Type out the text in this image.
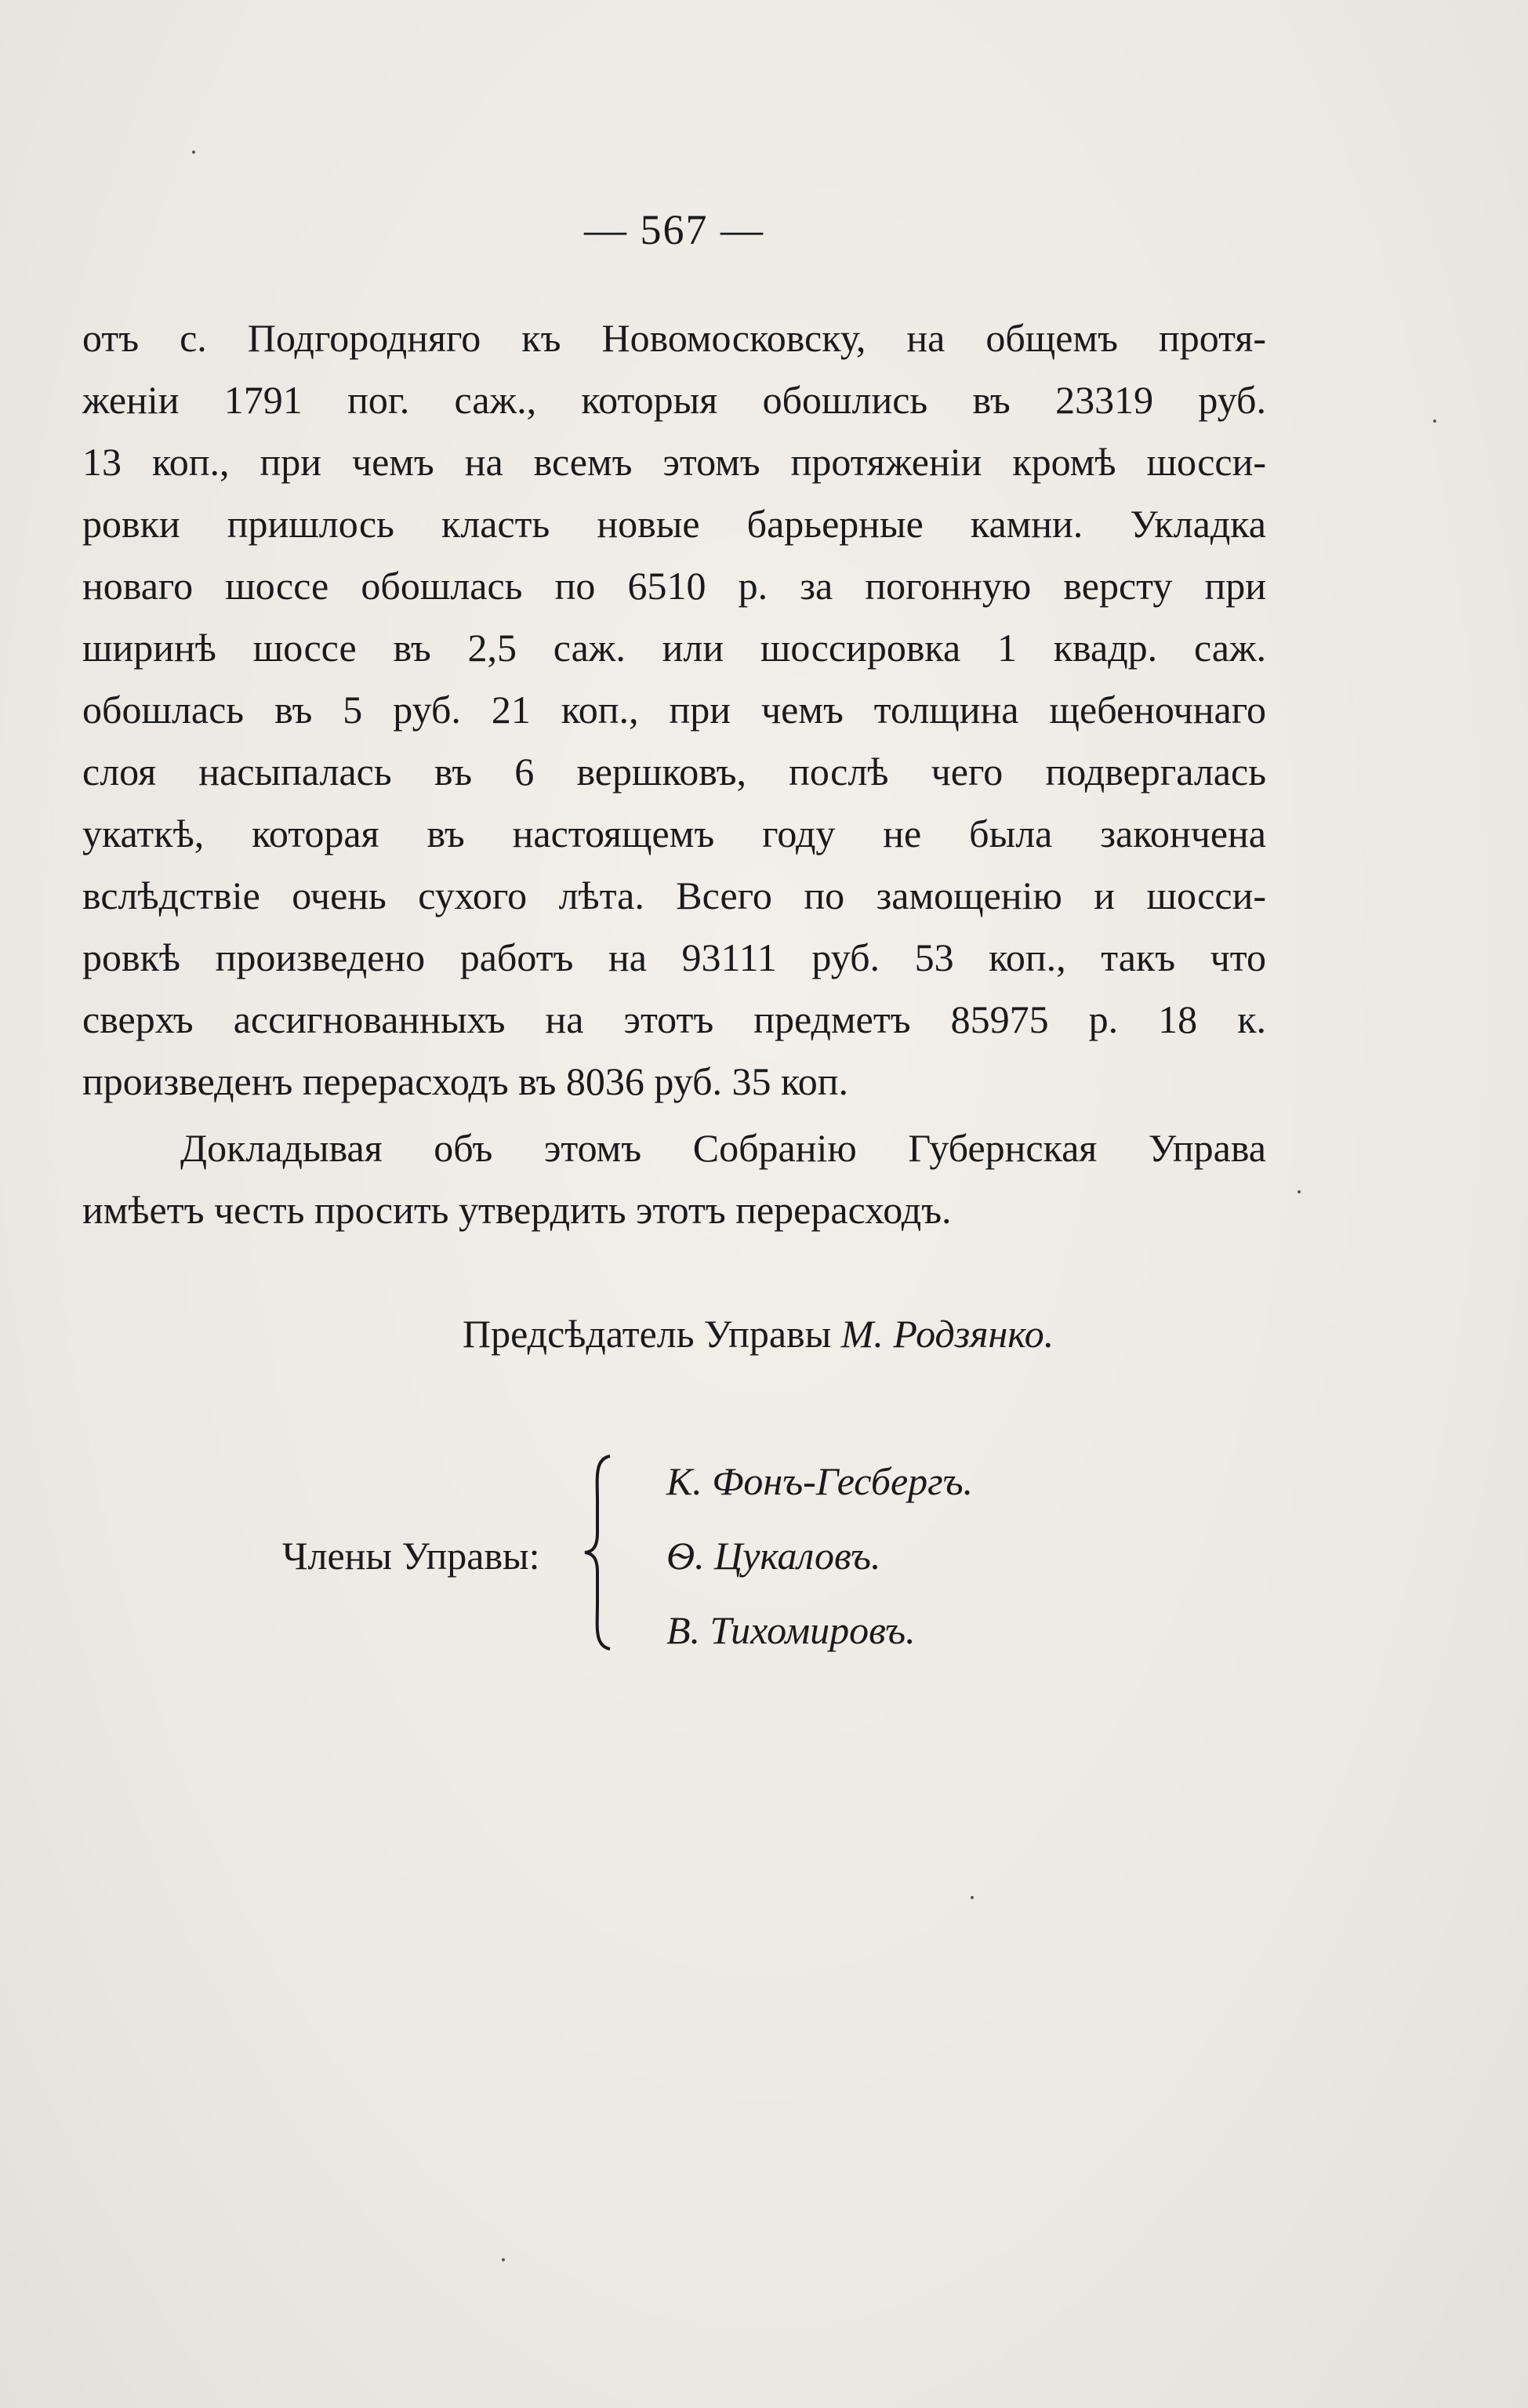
— 567 —
отъ с. Подгородняго къ Новомосковску, на общемъ протя-
женіи 1791 пог. саж., которыя обошлись въ 23319 руб.
13 коп., при чемъ на всемъ этомъ протяженіи кромѣ шосси-
ровки пришлось класть новые барьерные камни. Укладка
новаго шоссе обошлась по 6510 р. за погонную версту при
ширинѣ шоссе въ 2,5 саж. или шоссировка 1 квадр. саж.
обошлась въ 5 руб. 21 коп., при чемъ толщина щебеночнаго
слоя насыпалась въ 6 вершковъ, послѣ чего подвергалась
укаткѣ, которая въ настоящемъ году не была закончена
вслѣдствіе очень сухого лѣта. Всего по замощенію и шосси-
ровкѣ произведено работъ на 93111 руб. 53 коп., такъ что
сверхъ ассигнованныхъ на этотъ предметъ 85975 р. 18 к.
произведенъ перерасходъ въ 8036 руб. 35 коп.
Докладывая объ этомъ Собранію Губернская Управа
имѣетъ честь просить утвердить этотъ перерасходъ.
Предсѣдатель Управы М. Родзянко.
Члены Управы:
К. Фонъ-Гесбергъ.
Ѳ. Цукаловъ.
В. Тихомировъ.
